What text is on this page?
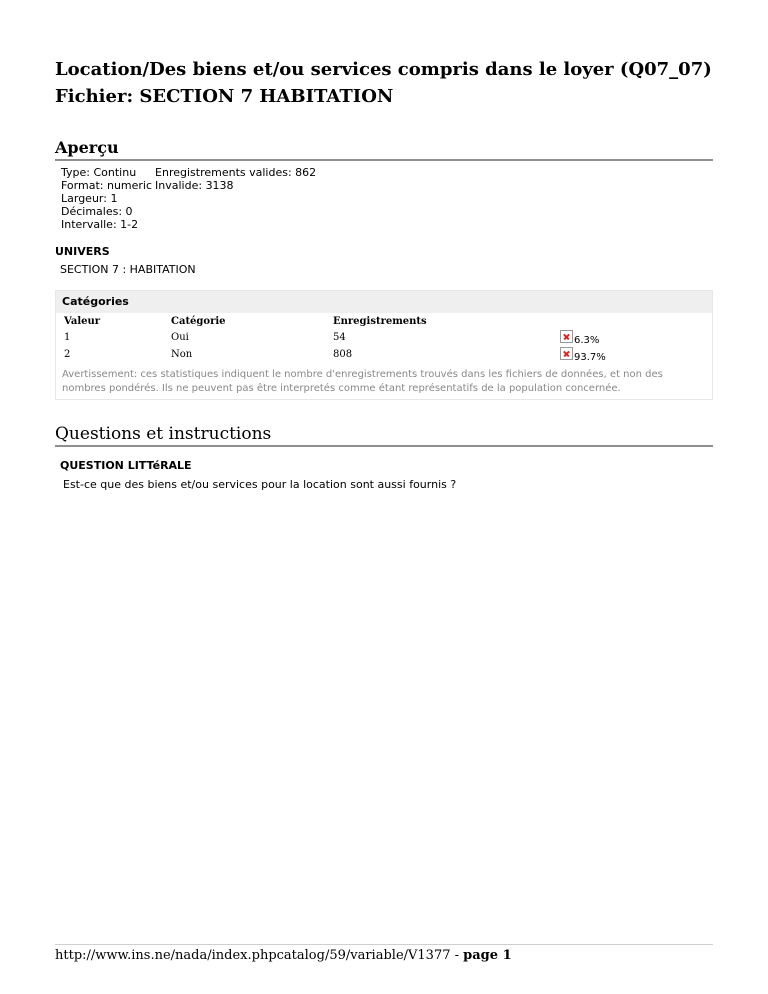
Location/Des biens et/ou services compris dans le loyer (Q07_07)
Fichier: SECTION 7 HABITATION
Aperçu
Type: Continu	Enregistrements valides: 862
Format: numeric	Invalide: 3138
Largeur: 1	
Décimales: 0	
Intervalle: 1-2	
UNIVERS
SECTION 7 : HABITATION
Catégories
Valeur	Catégorie	Enregistrements
1	Oui	54	6.3%
2	Non	808	93.7%
Avertissement: ces statistiques indiquent le nombre d'enregistrements trouvés dans les fichiers de données, et non des nombres pondérés. Ils ne peuvent pas être interpretés comme étant représentatifs de la population concernée.
Questions et instructions
QUESTION LITTéRALE
Est-ce que des biens et/ou services pour la location sont aussi fournis ?
http://www.ins.ne/nada/index.phpcatalog/59/variable/V1377 - page 1
